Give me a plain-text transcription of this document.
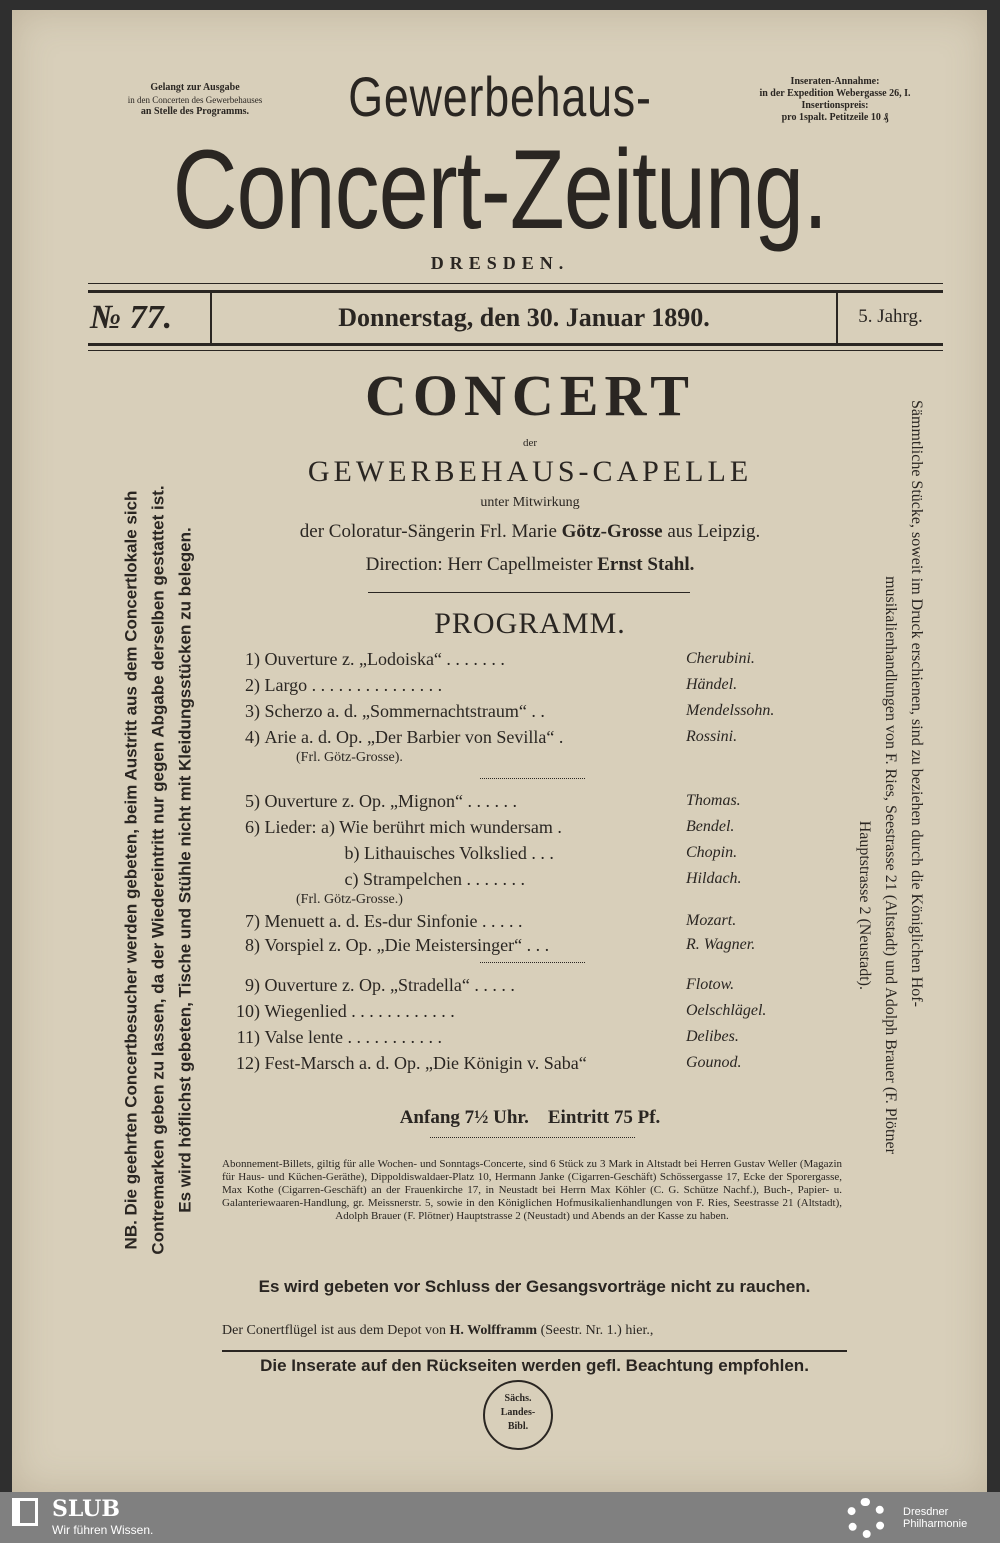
Gelangt zur Ausgabe
in den Concerten des Gewerbehauses
an Stelle des Programms.
Inseraten-Annahme:
in der Expedition Webergasse 26, I.
Insertionspreis:
pro 1spalt. Petitzeile 10 ₰
Gewerbehaus-
Concert-Zeitung.
DRESDEN.
№ 77.	Donnerstag, den 30. Januar 1890.	5. Jahrg.
CONCERT
der
GEWERBEHAUS-CAPELLE
unter Mitwirkung
der Coloratur-Sängerin Frl. Marie Götz-Grosse aus Leipzig.
Direction: Herr Capellmeister Ernst Stahl.
PROGRAMM.
1) Ouverture z. „Lodoiska“ . . . . . . .	Cherubini.
2) Largo . . . . . . . . . . . . . . .	Händel.
3) Scherzo a. d. „Sommernachtstraum“ . .	Mendelssohn.
4) Arie a. d. Op. „Der Barbier von Sevilla“ .	Rossini.
(Frl. Götz-Grosse).
5) Ouverture z. Op. „Mignon“ . . . . . .	Thomas.
6) Lieder: a) Wie berührt mich wundersam .	Bendel.
b) Lithauisches Volkslied . . .	Chopin.
c) Strampelchen . . . . . . .	Hildach.
(Frl. Götz-Grosse.)
7) Menuett a. d. Es-dur Sinfonie . . . . .	Mozart.
8) Vorspiel z. Op. „Die Meistersinger“ . . .	R. Wagner.
9) Ouverture z. Op. „Stradella“ . . . . .	Flotow.
10) Wiegenlied . . . . . . . . . . . .	Oelschlägel.
11) Valse lente . . . . . . . . . . .	Delibes.
12) Fest-Marsch a. d. Op. „Die Königin v. Saba“	Gounod.
Anfang 7½ Uhr. Eintritt 75 Pf.
Abonnement-Billets, giltig für alle Wochen- und Sonntags-Concerte, sind 6 Stück zu 3 Mark in Altstadt bei Herren Gustav Weller (Magazin für Haus- und Küchen-Geräthe), Dippoldiswaldaer-Platz 10, Hermann Janke (Cigarren-Geschäft) Schössergasse 17, Ecke der Sporergasse, Max Kothe (Cigarren-Geschäft) an der Frauenkirche 17, in Neustadt bei Herrn Max Köhler (C. G. Schütze Nachf.), Buch-, Papier- u. Galanteriewaaren-Handlung, gr. Meissnerstr. 5, sowie in den Königlichen Hofmusikalienhandlungen von F. Ries, Seestrasse 21 (Altstadt), Adolph Brauer (F. Plötner) Hauptstrasse 2 (Neustadt) und Abends an der Kasse zu haben.
Es wird gebeten vor Schluss der Gesangsvorträge nicht zu rauchen.
Der Conertflügel ist aus dem Depot von H. Wolfframm (Seestr. Nr. 1.) hier.,
Die Inserate auf den Rückseiten werden gefl. Beachtung empfohlen.
Sächs. Landes-Bibl.
NB. Die geehrten Concertbesucher werden gebeten, beim Austritt aus dem Concertlokale sich Contremarken geben zu lassen, da der Wiedereintritt nur gegen Abgabe derselben gestattet ist. Es wird höflichst gebeten, Tische und Stühle nicht mit Kleidungsstücken zu belegen.	Sämmtliche Stücke, soweit im Druck erschienen, sind zu beziehen durch die Königlichen Hof-
musikalienhandlungen von F. Ries, Seestrasse 21 (Altstadt) und Adolph Brauer (F. Plötner
Hauptstrasse 2 (Neustadt).
SLUB
Wir führen Wissen.
Dresdner
Philharmonie
